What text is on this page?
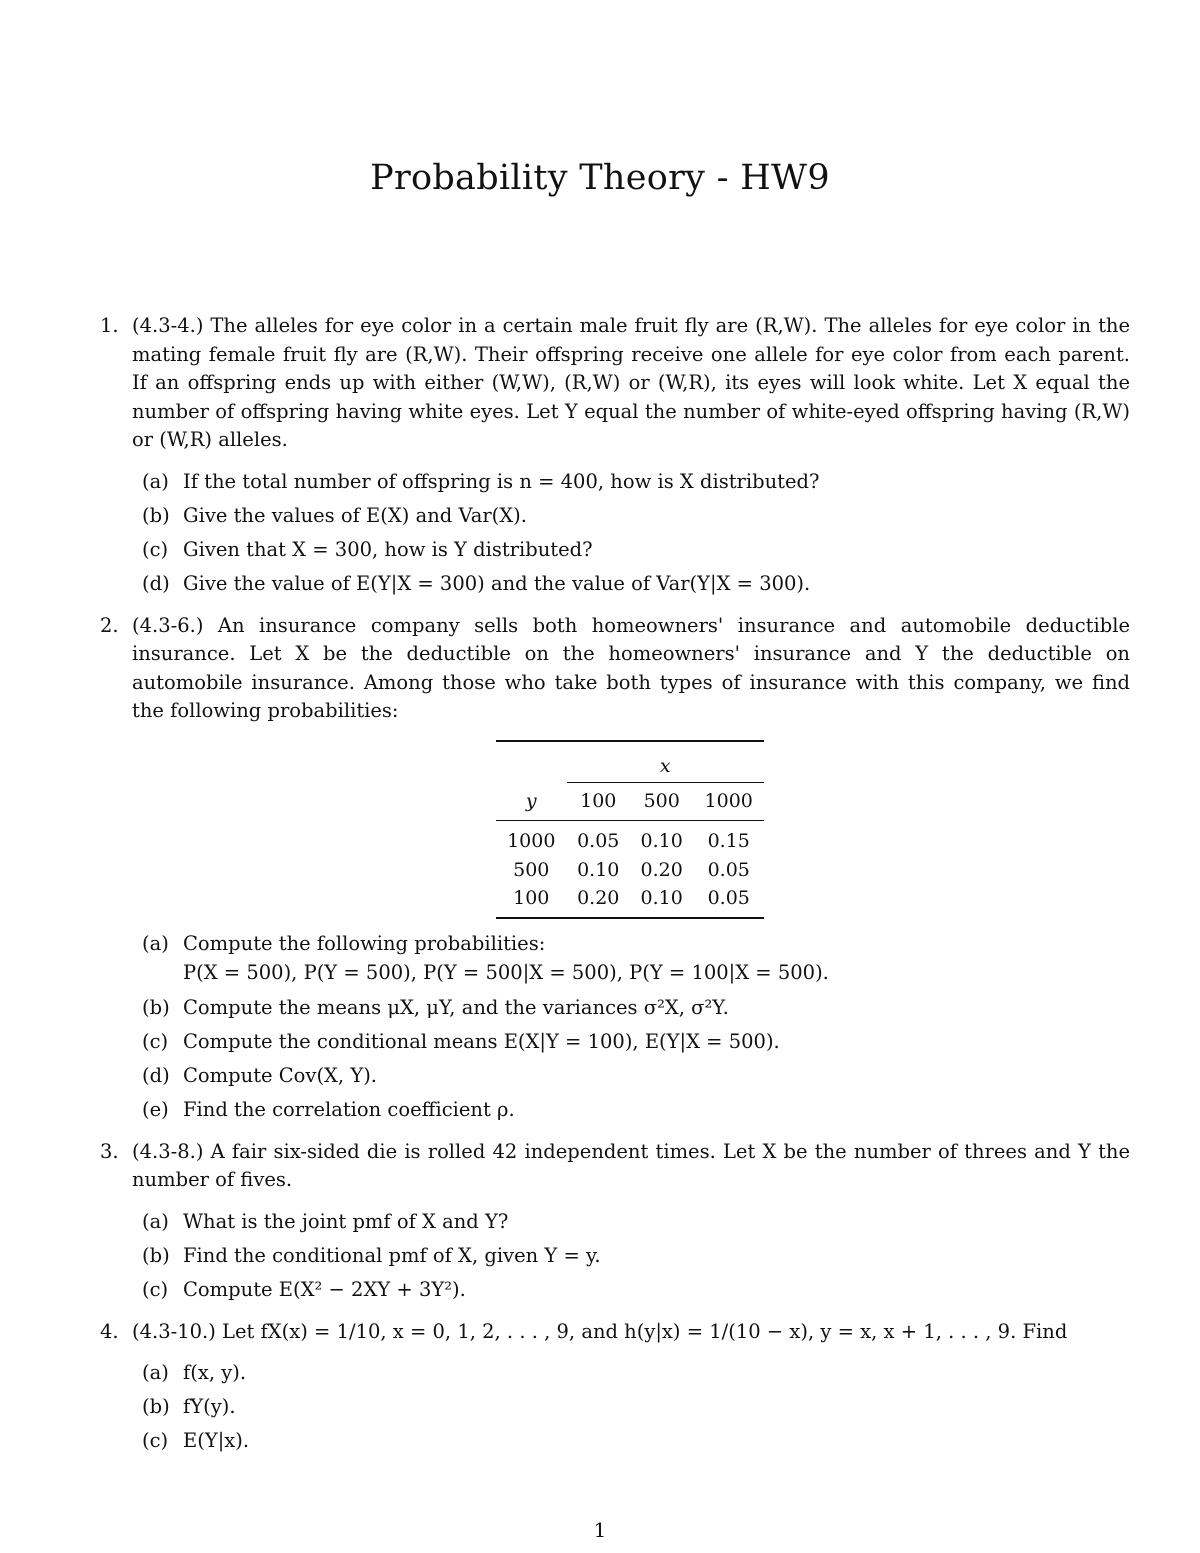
Probability Theory - HW9
1. (4.3-4.) The alleles for eye color in a certain male fruit fly are (R,W). The alleles for eye color in the mating female fruit fly are (R,W). Their offspring receive one allele for eye color from each parent. If an offspring ends up with either (W,W), (R,W) or (W,R), its eyes will look white. Let X equal the number of offspring having white eyes. Let Y equal the number of white-eyed offspring having (R,W) or (W,R) alleles.
(a) If the total number of offspring is n = 400, how is X distributed?
(b) Give the values of E(X) and Var(X).
(c) Given that X = 300, how is Y distributed?
(d) Give the value of E(Y|X = 300) and the value of Var(Y|X = 300).
2. (4.3-6.) An insurance company sells both homeowners' insurance and automobile deductible insurance. Let X be the deductible on the homeowners' insurance and Y the deductible on automobile insurance. Among those who take both types of insurance with this company, we find the following probabilities:

	x		
y	100	500	1000
1000	0.05	0.10	0.15
500	0.10	0.20	0.05
100	0.20	0.10	0.05
(a) Compute the following probabilities:
P(X = 500), P(Y = 500), P(Y = 500|X = 500), P(Y = 100|X = 500).
(b) Compute the means μX, μY, and the variances σ²X, σ²Y.
(c) Compute the conditional means E(X|Y = 100), E(Y|X = 500).
(d) Compute Cov(X, Y).
(e) Find the correlation coefficient ρ.
3. (4.3-8.) A fair six-sided die is rolled 42 independent times. Let X be the number of threes and Y the number of fives.
(a) What is the joint pmf of X and Y?
(b) Find the conditional pmf of X, given Y = y.
(c) Compute E(X² − 2XY + 3Y²).
4. (4.3-10.) Let fX(x) = 1/10, x = 0, 1, 2, . . . , 9, and h(y|x) = 1/(10 − x), y = x, x + 1, . . . , 9. Find
(a) f(x, y).
(b) fY(y).
(c) E(Y|x).
1
